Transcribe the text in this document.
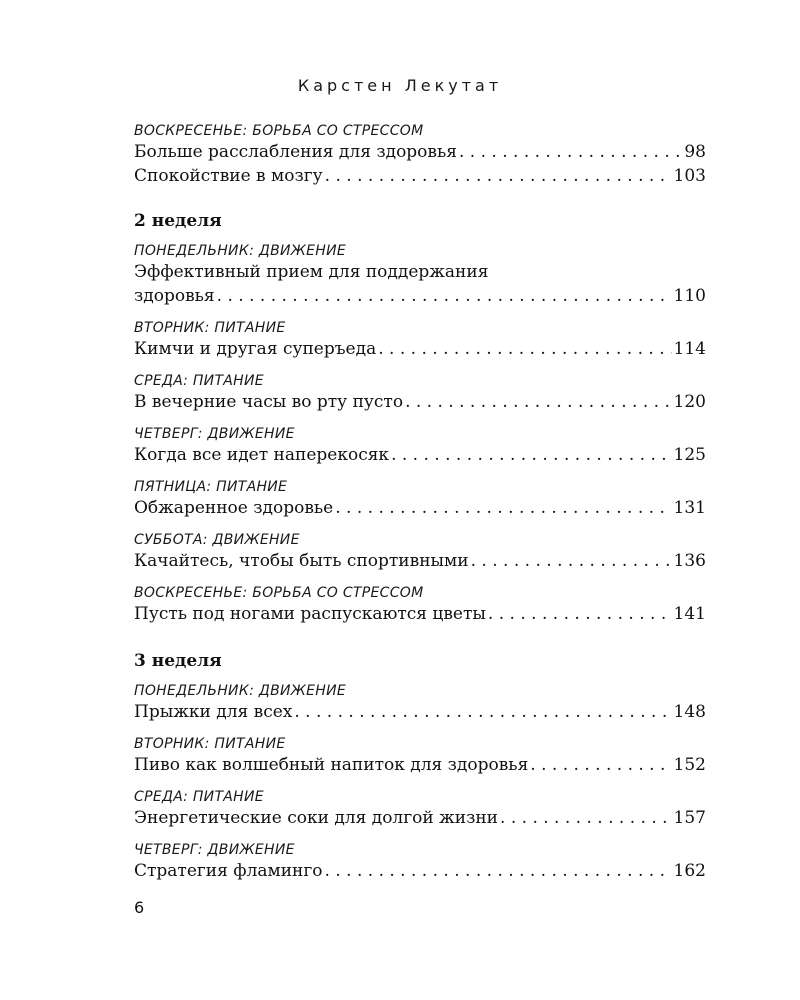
Карстен Лекутат
ВОСКРЕСЕНЬЕ: БОРЬБА СО СТРЕССОМ
Больше расслабления для здоровья . . .	98
Спокойствие в мозгу . . .	103
2 неделя
ПОНЕДЕЛЬНИК: ДВИЖЕНИЕ
Эффективный прием для поддержания
здоровья . . .	110
ВТОРНИК: ПИТАНИЕ
Кимчи и другая суперъеда . . .	114
СРЕДА: ПИТАНИЕ
В вечерние часы во рту пусто . . .	120
ЧЕТВЕРГ: ДВИЖЕНИЕ
Когда все идет наперекосяк . . .	125
ПЯТНИЦА: ПИТАНИЕ
Обжаренное здоровье . . .	131
СУББОТА: ДВИЖЕНИЕ
Качайтесь, чтобы быть спортивными . . .	136
ВОСКРЕСЕНЬЕ: БОРЬБА СО СТРЕССОМ
Пусть под ногами распускаются цветы . . .	141
3 неделя
ПОНЕДЕЛЬНИК: ДВИЖЕНИЕ
Прыжки для всех . . .	148
ВТОРНИК: ПИТАНИЕ
Пиво как волшебный напиток для здоровья . . .	152
СРЕДА: ПИТАНИЕ
Энергетические соки для долгой жизни . . .	157
ЧЕТВЕРГ: ДВИЖЕНИЕ
Стратегия фламинго . . .	162
6
